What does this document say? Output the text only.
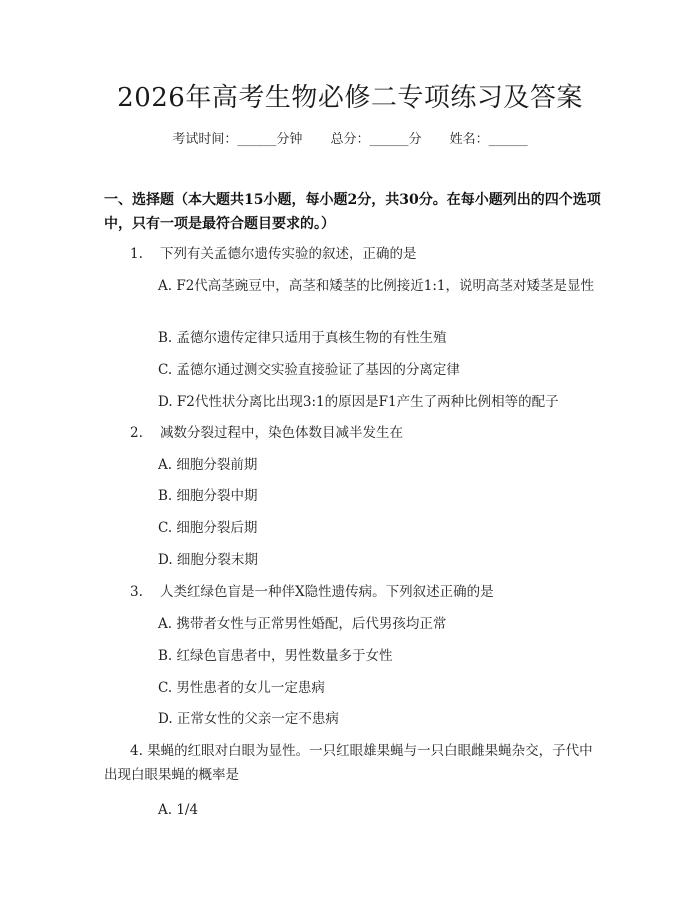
2026年高考生物必修二专项练习及答案
考试时间：______分钟 总分：______分 姓名：______
一、选择题（本大题共15小题，每小题2分，共30分。在每小题列出的四个选项中，只有一项是最符合题目要求的。）
1. 下列有关孟德尔遗传实验的叙述，正确的是
A. F2代高茎豌豆中，高茎和矮茎的比例接近1:1，说明高茎对矮茎是显性
B. 孟德尔遗传定律只适用于真核生物的有性生殖
C. 孟德尔通过测交实验直接验证了基因的分离定律
D. F2代性状分离比出现3:1的原因是F1产生了两种比例相等的配子
2. 减数分裂过程中，染色体数目减半发生在
A. 细胞分裂前期
B. 细胞分裂中期
C. 细胞分裂后期
D. 细胞分裂末期
3. 人类红绿色盲是一种伴X隐性遗传病。下列叙述正确的是
A. 携带者女性与正常男性婚配，后代男孩均正常
B. 红绿色盲患者中，男性数量多于女性
C. 男性患者的女儿一定患病
D. 正常女性的父亲一定不患病
4. 果蝇的红眼对白眼为显性。一只红眼雄果蝇与一只白眼雌果蝇杂交，子代中出现白眼果蝇的概率是
A. 1/4
